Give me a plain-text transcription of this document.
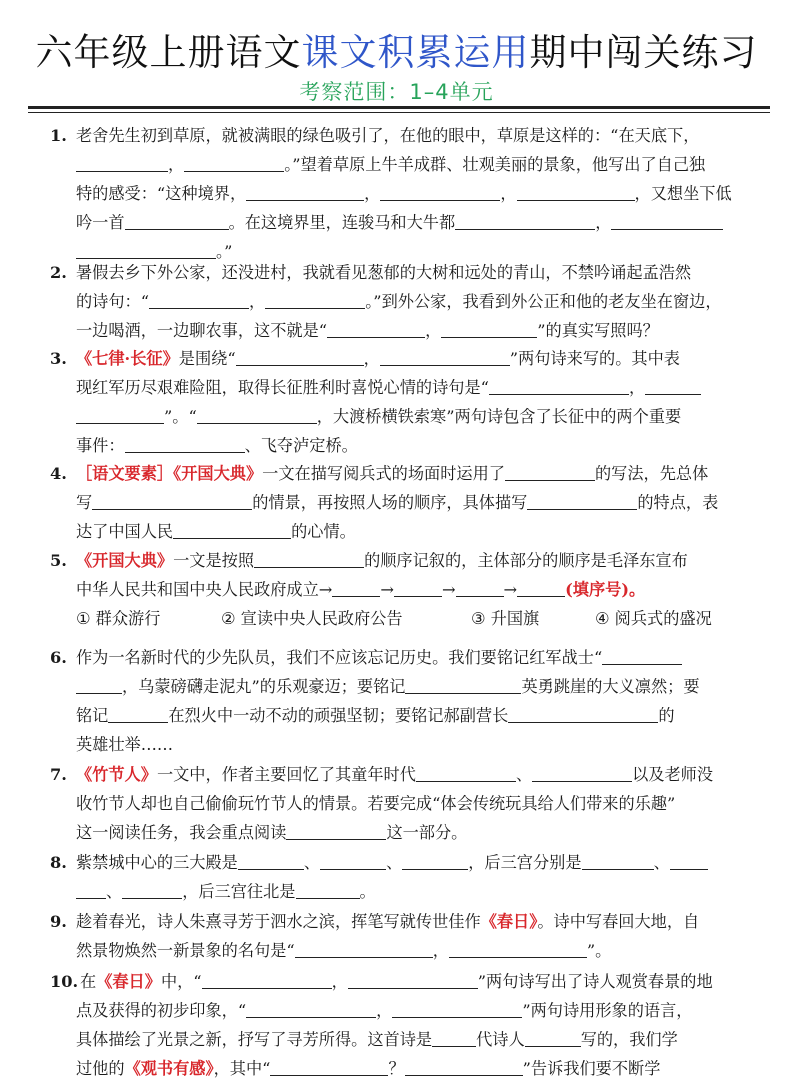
六年级上册语文课文积累运用期中闯关练习
考察范围：1–4单元
1. 老舍先生初到草原，就被满眼的绿色吸引了，在他的眼中，草原是这样的：“在天底下，
，	。”望着草原上牛羊成群、壮观美丽的景象，他写出了自己独
特的感受：“这种境界，	，	，	，又想坐下低
吟一首	。在这境界里，连骏马和大牛都	，
。”
2. 暑假去乡下外公家，还没进村，我就看见葱郁的大树和远处的青山，不禁吟诵起孟浩然
的诗句：“	，	。”到外公家，我看到外公正和他的老友坐在窗边，
一边喝酒，一边聊农事，这不就是“	，	”的真实写照吗？
3. 《七律·长征》是围绕“	，	”两句诗来写的。其中表
现红军历尽艰难险阻，取得长征胜利时喜悦心情的诗句是“	，
”。“	，大渡桥横铁索寒”两句诗包含了长征中的两个重要
事件：	、飞夺泸定桥。
4. ［语文要素］《开国大典》一文在描写阅兵式的场面时运用了	的写法，先总体
写	的情景，再按照人场的顺序，具体描写	的特点，表
达了中国人民	的心情。
5. 《开国大典》一文是按照	的顺序记叙的，主体部分的顺序是毛泽东宣布
中华人民共和国中央人民政府成立→	→	→	→	(填序号)。
① 群众游行	② 宣读中央人民政府公告	③ 升国旗	④ 阅兵式的盛况
6. 作为一名新时代的少先队员，我们不应该忘记历史。我们要铭记红军战士“
，乌蒙磅礴走泥丸”的乐观豪迈；要铭记	英勇跳崖的大义凛然；要
铭记	在烈火中一动不动的顽强坚韧；要铭记郝副营长	的
英雄壮举……
7. 《竹节人》一文中，作者主要回忆了其童年时代	、	以及老师没
收竹节人却也自己偷偷玩竹节人的情景。若要完成“体会传统玩具给人们带来的乐趣”
这一阅读任务，我会重点阅读	这一部分。
8. 紫禁城中心的三大殿是	、	、	，后三宫分别是	、
、	，后三宫往北是	。
9. 趁着春光，诗人朱熹寻芳于泗水之滨，挥笔写就传世佳作《春日》。诗中写春回大地，自
然景物焕然一新景象的名句是“	，	”。
10. 在《春日》中，“	，	”两句诗写出了诗人观赏春景的地
点及获得的初步印象，“	，	”两句诗用形象的语言，
具体描绘了光景之新，抒写了寻芳所得。这首诗是	代诗人	写的，我们学
过他的《观书有感》，其中“	？	”告诉我们要不断学
